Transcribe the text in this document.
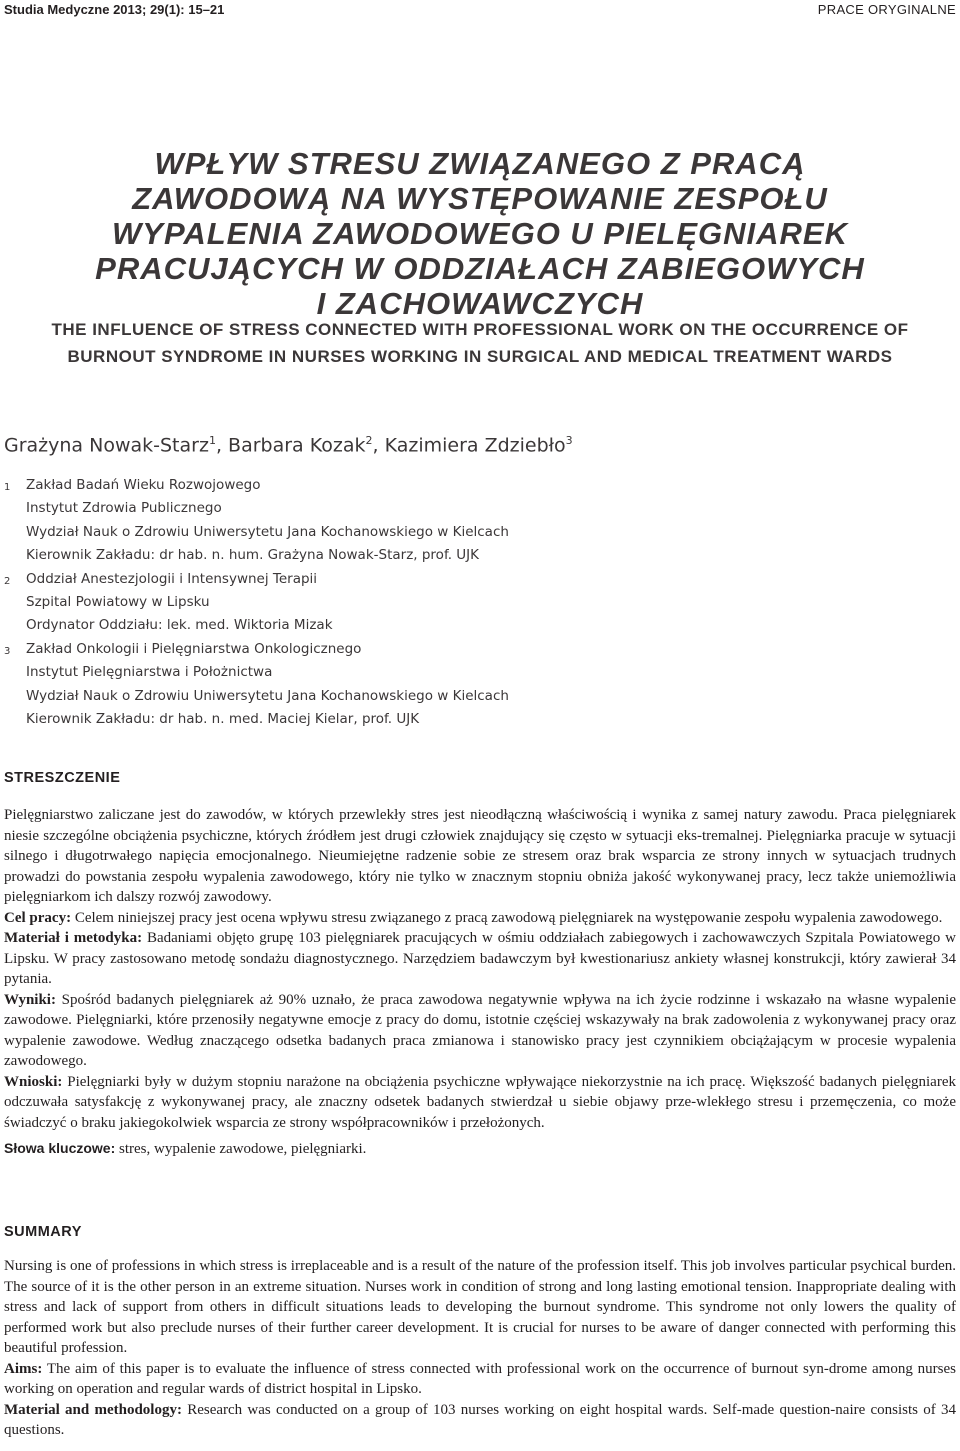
Studia Medyczne 2013; 29(1): 15–21	PRACE ORYGINALNE
WPŁYW STRESU ZWIĄZANEGO Z PRACĄ
ZAWODOWĄ NA WYSTĘPOWANIE ZESPOŁU
WYPALENIA ZAWODOWEGO U PIELĘGNIAREK
PRACUJĄCYCH W ODDZIAŁACH ZABIEGOWYCH
I ZACHOWAWCZYCH
THE INFLUENCE OF STRESS CONNECTED WITH PROFESSIONAL WORK ON THE OCCURRENCE OF
BURNOUT SYNDROME IN NURSES WORKING IN SURGICAL AND MEDICAL TREATMENT WARDS

Grażyna Nowak-Starz$^1$, Barbara Kozak$^2$, Kazimiera Zdziebło$^3$

1 Zakład Badań Wieku Rozwojowego
Instytut Zdrowia Publicznego
Wydział Nauk o Zdrowiu Uniwersytetu Jana Kochanowskiego w Kielcach
Kierownik Zakładu: dr hab. n. hum. Grażyna Nowak-Starz, prof. UJK
2 Oddział Anestezjologii i Intensywnej Terapii
Szpital Powiatowy w Lipsku
Ordynator Oddziału: lek. med. Wiktoria Mizak
3 Zakład Onkologii i Pielęgniarstwa Onkologicznego
Instytut Pielęgniarstwa i Położnictwa
Wydział Nauk o Zdrowiu Uniwersytetu Jana Kochanowskiego w Kielcach
Kierownik Zakładu: dr hab. n. med. Maciej Kielar, prof. UJK
STRESZCZENIE

Pielęgniarstwo zaliczane jest do zawodów, w których przewlekły stres jest nieodłączną właściwością i wynika z samej natury zawodu. Praca pielęgniarek niesie szczególne obciążenia psychiczne, których źródłem jest drugi człowiek znajdujący się często w sytuacji eks-tremalnej. Pielęgniarka pracuje w sytuacji silnego i długotrwałego napięcia emocjonalnego. Nieumiejętne radzenie sobie ze stresem oraz brak wsparcia ze strony innych w sytuacjach trudnych prowadzi do powstania zespołu wypalenia zawodowego, który nie tylko w znacznym stopniu obniża jakość wykonywanej pracy, lecz także uniemożliwia pielęgniarkom ich dalszy rozwój zawodowy.

Cel pracy: Celem niniejszej pracy jest ocena wpływu stresu związanego z pracą zawodową pielęgniarek na występowanie zespołu wypalenia zawodowego.

Materiał i metodyka: Badaniami objęto grupę 103 pielęgniarek pracujących w ośmiu oddziałach zabiegowych i zachowawczych Szpitala Powiatowego w Lipsku. W pracy zastosowano metodę sondażu diagnostycznego. Narzędziem badawczym był kwestionariusz ankiety własnej konstrukcji, który zawierał 34 pytania.

Wyniki: Spośród badanych pielęgniarek aż 90% uznało, że praca zawodowa negatywnie wpływa na ich życie rodzinne i wskazało na własne wypalenie zawodowe. Pielęgniarki, które przenosiły negatywne emocje z pracy do domu, istotnie częściej wskazywały na brak zadowolenia z wykonywanej pracy oraz wypalenie zawodowe. Według znaczącego odsetka badanych praca zmianowa i stanowisko pracy jest czynnikiem obciążającym w procesie wypalenia zawodowego.

Wnioski: Pielęgniarki były w dużym stopniu narażone na obciążenia psychiczne wpływające niekorzystnie na ich pracę. Większość badanych pielęgniarek odczuwała satysfakcję z wykonywanej pracy, ale znaczny odsetek badanych stwierdzał u siebie objawy prze-wlekłego stresu i przemęczenia, co może świadczyć o braku jakiegokolwiek wsparcia ze strony współpracowników i przełożonych.

Słowa kluczowe: stres, wypalenie zawodowe, pielęgniarki.

SUMMARY

Nursing is one of professions in which stress is irreplaceable and is a result of the nature of the profession itself. This job involves particular psychical burden. The source of it is the other person in an extreme situation. Nurses work in condition of strong and long lasting emotional tension. Inappropriate dealing with stress and lack of support from others in difficult situations leads to developing the burnout syndrome. This syndrome not only lowers the quality of performed work but also preclude nurses of their further career development. It is crucial for nurses to be aware of danger connected with performing this beautiful profession.

Aims: The aim of this paper is to evaluate the influence of stress connected with professional work on the occurrence of burnout syn-drome among nurses working on operation and regular wards of district hospital in Lipsko.

Material and methodology: Research was conducted on a group of 103 nurses working on eight hospital wards. Self-made question-naire consists of 34 questions.
